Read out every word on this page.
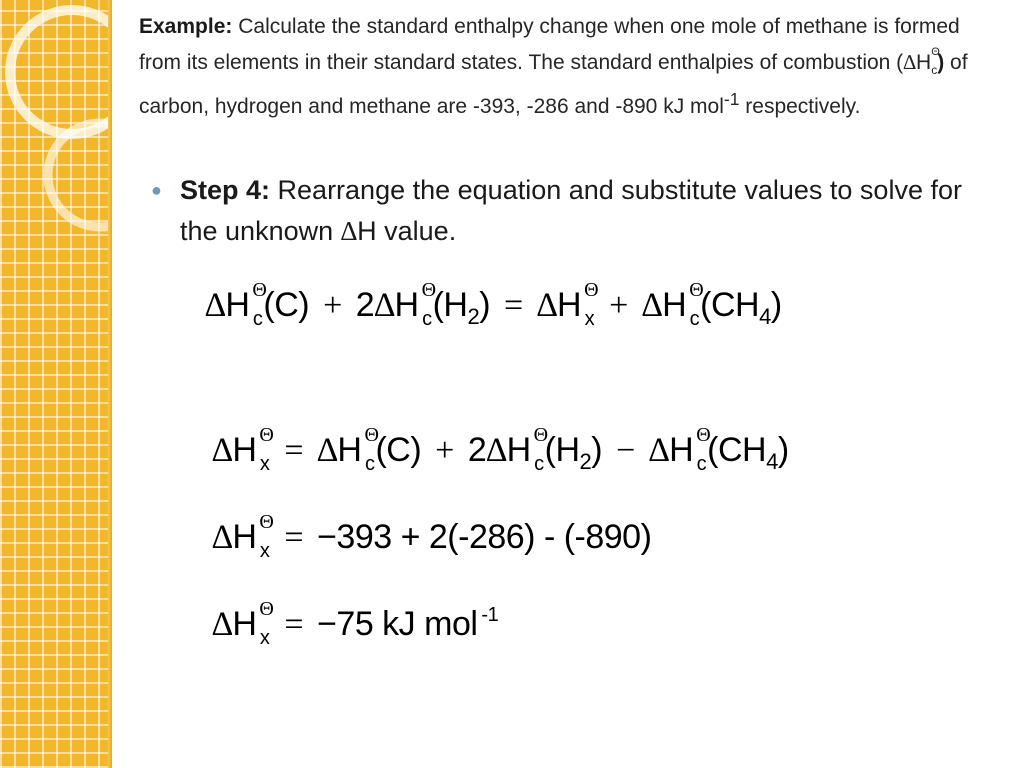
Example: Calculate the standard enthalpy change when one mole of methane is formed from its elements in their standard states. The standard enthalpies of combustion (∆H Θ
c) of carbon, hydrogen and methane are -393, -286 and -890 kJ mol$^{-1}$ respectively.
● Step 4: Rearrange the equation and substitute values to solve for the unknown ∆H value.
∆H Θ
c (C) + 2∆H Θ
c $(H_2) = \Delta H$ Θ
x + ∆H Θ
c $(CH_4)$
∆H Θ
x = ∆H Θ
c (C) + 2∆H Θ
c $(H_2) - \Delta H$ Θ
c $(CH_4)$
∆H Θ
x = −393 + 2(-286) - (-890)
∆H Θ
x = −75 kJ mol $^{-1}$
